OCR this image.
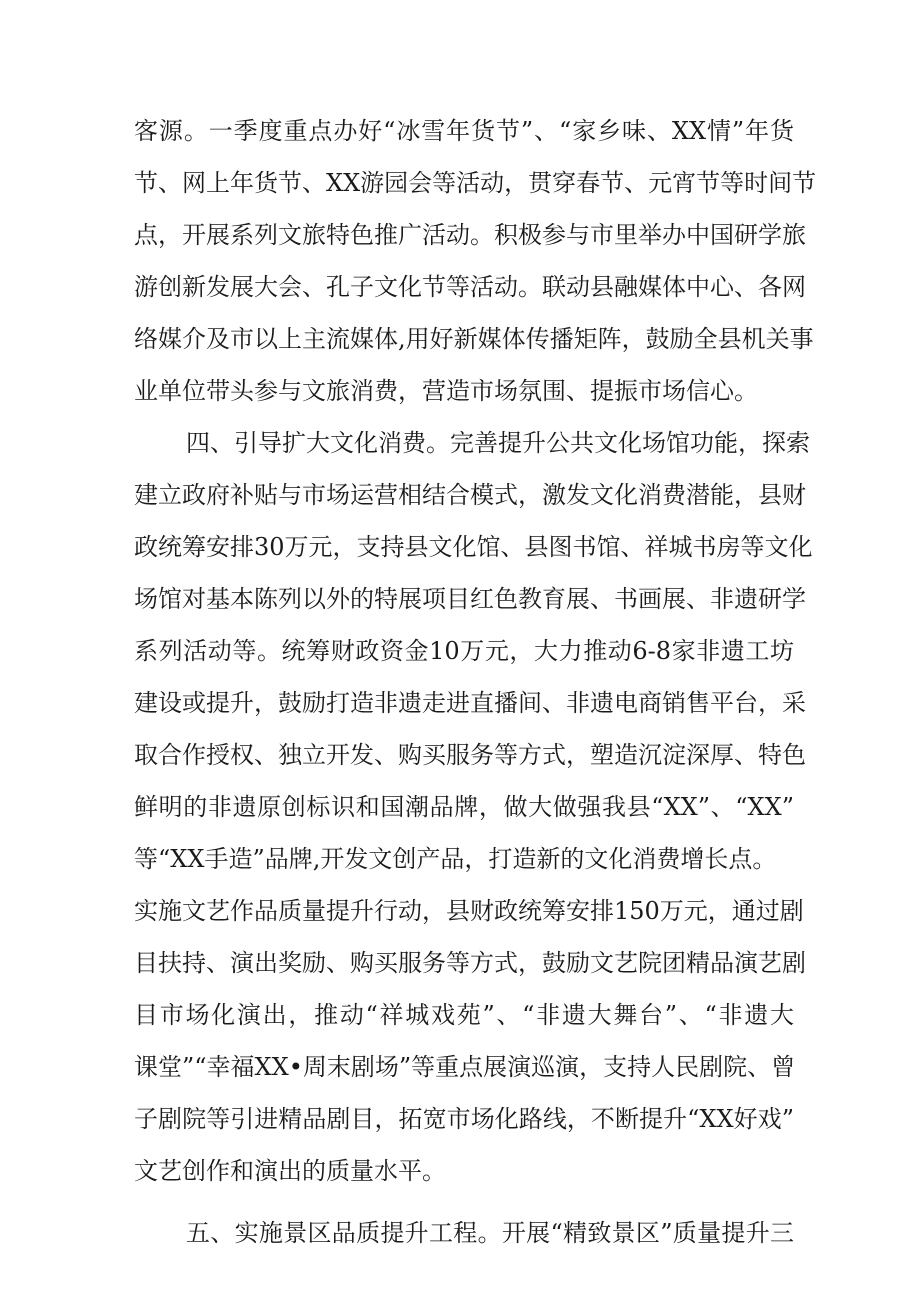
客源。一季度重点办好“冰雪年货节”、“家乡味、XX情”年货

节、网上年货节、XX游园会等活动，贯穿春节、元宵节等时间节

点，开展系列文旅特色推广活动。积极参与市里举办中国研学旅

游创新发展大会、孔子文化节等活动。联动县融媒体中心、各网

络媒介及市以上主流媒体,用好新媒体传播矩阵，鼓励全县机关事

业单位带头参与文旅消费，营造市场氛围、提振市场信心。

四、引导扩大文化消费。完善提升公共文化场馆功能，探索

建立政府补贴与市场运营相结合模式，激发文化消费潜能，县财

政统筹安排30万元，支持县文化馆、县图书馆、祥城书房等文化

场馆对基本陈列以外的特展项目红色教育展、书画展、非遗研学

系列活动等。统筹财政资金10万元，大力推动6-8家非遗工坊

建设或提升，鼓励打造非遗走进直播间、非遗电商销售平台，采

取合作授权、独立开发、购买服务等方式，塑造沉淀深厚、特色

鲜明的非遗原创标识和国潮品牌，做大做强我县“XX”、“XX”

等“XX手造”品牌,开发文创产品，打造新的文化消费增长点。

实施文艺作品质量提升行动，县财政统筹安排150万元，通过剧

目扶持、演出奖励、购买服务等方式，鼓励文艺院团精品演艺剧

目市场化演出，推动“祥城戏苑”、“非遗大舞台”、“非遗大

课堂”“幸福XX•周末剧场”等重点展演巡演，支持人民剧院、曾

子剧院等引进精品剧目，拓宽市场化路线，不断提升“XX好戏”

文艺创作和演出的质量水平。

五、实施景区品质提升工程。开展“精致景区”质量提升三
